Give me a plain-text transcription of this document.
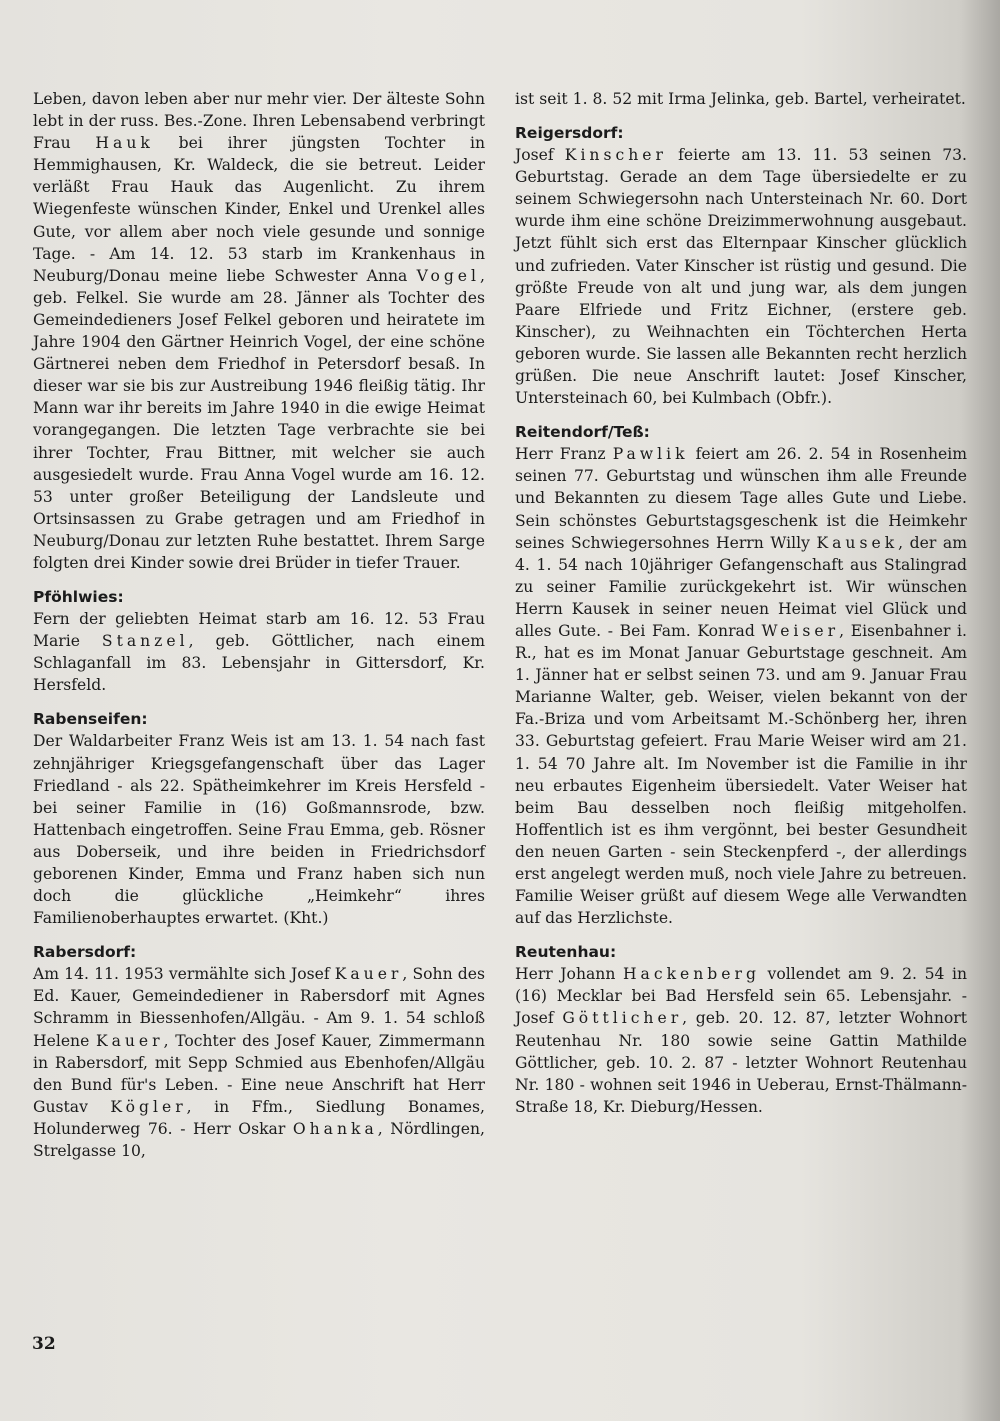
Leben, davon leben aber nur mehr vier. Der ältestе Sohn lebt in der russ. Bes.-Zone. Ihren Lebensabend verbringt Frau Hauk bei ihrer jüngsten Tochter in Hemmighausen, Kr. Waldeck, die sie betreut. Leider verläßt Frau Hauk das Augenlicht. Zu ihrem Wiegenfeste wünschen Kinder, Enkel und Urenkel alles Gute, vor allem aber noch viele gesunde und sonnige Tage. - Am 14. 12. 53 starb im Krankenhaus in Neuburg/Donau meine liebe Schwester Anna Vogel, geb. Felkel. Sie wurde am 28. Jänner als Tochter des Gemeindedieners Josef Felkel geboren und heiratete im Jahre 1904 den Gärtner Heinrich Vogel, der eine schöne Gärtnerei neben dem Friedhof in Petersdorf besaß. In dieser war sie bis zur Austreibung 1946 fleißig tätig. Ihr Mann war ihr bereits im Jahre 1940 in die ewige Heimat vorangegangen. Die letzten Tage verbrachte sie bei ihrer Tochter, Frau Bittner, mit welcher sie auch ausgesiedelt wurde. Frau Anna Vogel wurde am 16. 12. 53 unter großer Beteiligung der Landsleute und Ortsinsassen zu Grabe getragen und am Friedhof in Neuburg/Donau zur letzten Ruhe bestattet. Ihrem Sarge folgten drei Kinder sowie drei Brüder in tiefer Trauer.

Pföhlwies:

Fern der geliebten Heimat starb am 16. 12. 53 Frau Marie Stanzel, geb. Göttlicher, nach einem Schlaganfall im 83. Lebensjahr in Gittersdorf, Kr. Hersfeld.

Rabenseifen:

Der Waldarbeiter Franz Weis ist am 13. 1. 54 nach fast zehnjähriger Kriegsgefangenschaft über das Lager Friedland - als 22. Spätheimkehrer im Kreis Hersfeld - bei seiner Familie in (16) Goßmannsrode, bzw. Hattenbach eingetroffen. Seine Frau Emma, geb. Rösner aus Doberseik, und ihre beiden in Friedrichsdorf geborenen Kinder, Emma und Franz haben sich nun doch die glückliche „Heimkehr“ ihres Familienoberhauptes erwartet. (Kht.)

Rabersdorf:

Am 14. 11. 1953 vermählte sich Josef Kauer, Sohn des Ed. Kauer, Gemeindediener in Rabersdorf mit Agnes Schramm in Biessenhofen/Allgäu. - Am 9. 1. 54 schloß Helene Kauer, Tochter des Josef Kauer, Zimmermann in Rabersdorf, mit Sepp Schmied aus Ebenhofen/Allgäu den Bund für's Leben. - Eine neue Anschrift hat Herr Gustav Kögler, in Ffm., Siedlung Bonames, Holunderweg 76. - Herr Oskar Ohanka, Nördlingen, Strelgasse 10,

ist seit 1. 8. 52 mit Irma Jelinka, geb. Bartel, verheiratet.

Reigersdorf:

Josef Kinscher feierte am 13. 11. 53 seinen 73. Geburtstag. Gerade an dem Tage übersiedelte er zu seinem Schwiegersohn nach Untersteinach Nr. 60. Dort wurde ihm eine schöne Dreizimmerwohnung ausgebaut. Jetzt fühlt sich erst das Elternpaar Kinscher glücklich und zufrieden. Vater Kinscher ist rüstig und gesund. Die größte Freude von alt und jung war, als dem jungen Paare Elfriede und Fritz Eichner, (erstere geb. Kinscher), zu Weihnachten ein Töchterchen Herta geboren wurde. Sie lassen alle Bekannten recht herzlich grüßen. Die neue Anschrift lautet: Josef Kinscher, Untersteinach 60, bei Kulmbach (Obfr.).

Reitendorf/Teß:

Herr Franz Pawlik feiert am 26. 2. 54 in Rosenheim seinen 77. Geburtstag und wünschen ihm alle Freunde und Bekannten zu diesem Tage alles Gute und Liebe. Sein schönstes Geburtstagsgeschenk ist die Heimkehr seines Schwiegersohnes Herrn Willy Kausek, der am 4. 1. 54 nach 10jähriger Gefangenschaft aus Stalingrad zu seiner Familie zurückgekehrt ist. Wir wünschen Herrn Kausek in seiner neuen Heimat viel Glück und alles Gute. - Bei Fam. Konrad Weiser, Eisenbahner i. R., hat es im Monat Januar Geburtstage geschneit. Am 1. Jänner hat er selbst seinen 73. und am 9. Januar Frau Marianne Walter, geb. Weiser, vielen bekannt von der Fa.-Briza und vom Arbeitsamt M.-Schönberg her, ihren 33. Geburtstag gefeiert. Frau Marie Weiser wird am 21. 1. 54 70 Jahre alt. Im November ist die Familie in ihr neu erbautes Eigenheim übersiedelt. Vater Weiser hat beim Bau desselben noch fleißig mitgeholfen. Hoffentlich ist es ihm vergönnt, bei bester Gesundheit den neuen Garten - sein Steckenpferd -, der allerdings erst angelegt werden muß, noch viele Jahre zu betreuen. Familie Weiser grüßt auf diesem Wege alle Verwandten auf das Herzlichste.

Reutenhau:

Herr Johann Hackenberg vollendet am 9. 2. 54 in (16) Mecklar bei Bad Hersfeld sein 65. Lebensjahr. - Josef Göttlicher, geb. 20. 12. 87, letzter Wohnort Reutenhau Nr. 180 sowie seine Gattin Mathilde Göttlicher, geb. 10. 2. 87 - letzter Wohnort Reutenhau Nr. 180 - wohnen seit 1946 in Ueberau, Ernst-Thälmann-Straße 18, Kr. Dieburg/Hessen.

32
